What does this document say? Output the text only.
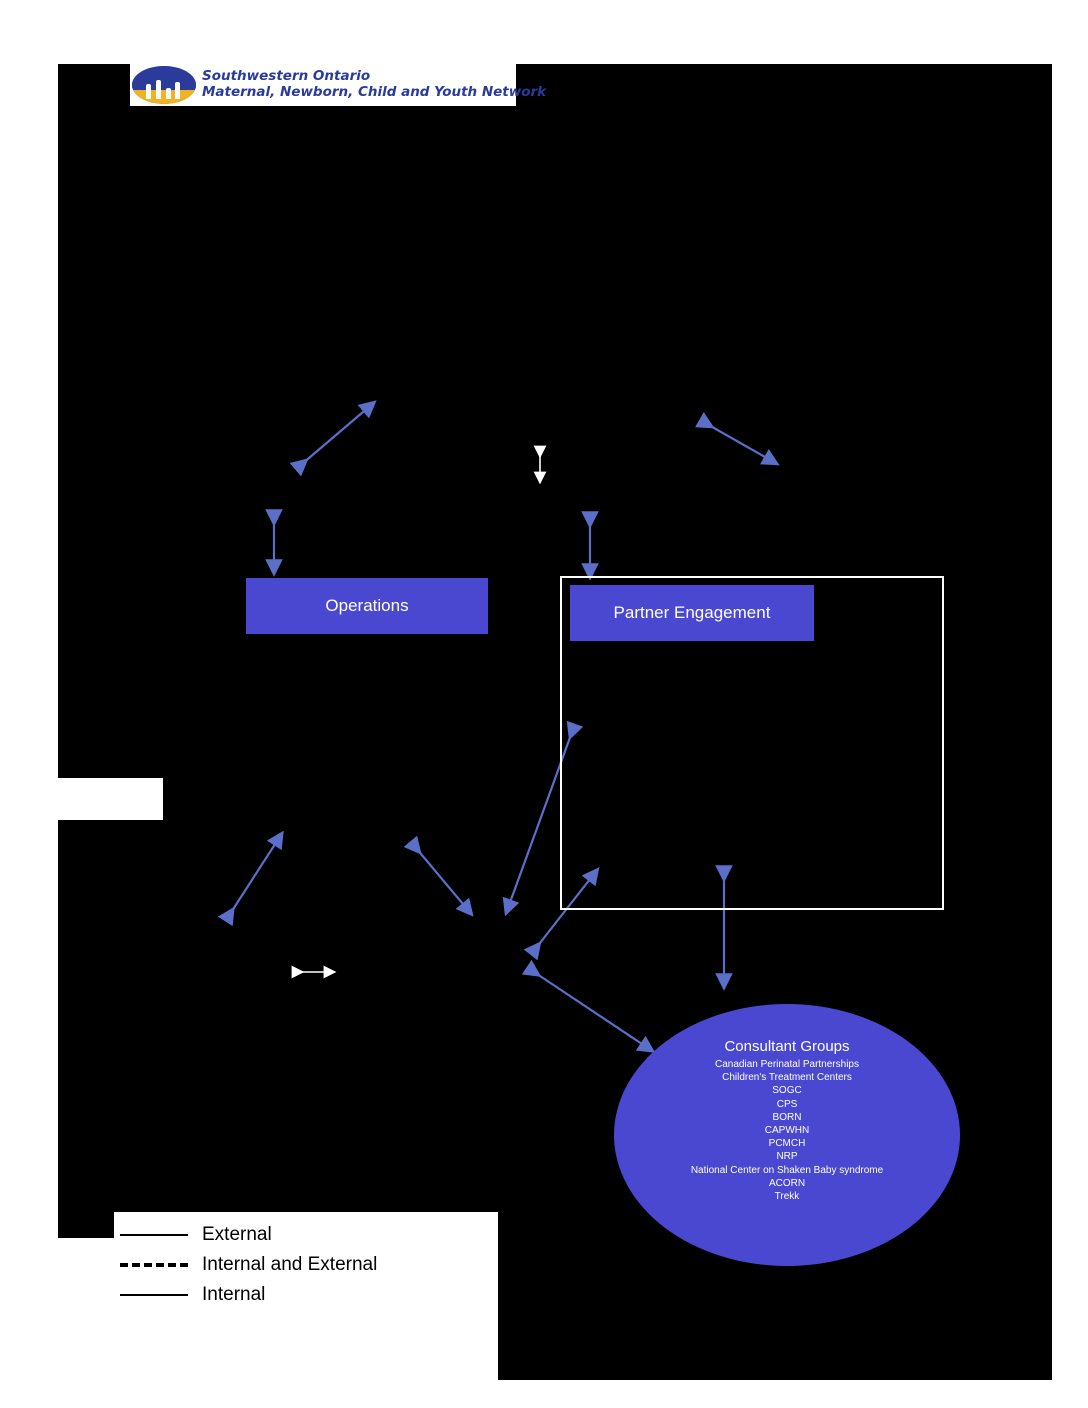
Southwestern Ontario
Maternal, Newborn, Child and Youth Network
Operations	Partner Engagement
Consultant Groups
Canadian Perinatal Partnerships
Children's Treatment Centers
SOGC
CPS
BORN
CAPWHN
PCMCH
NRP
National Center on Shaken Baby syndrome
ACORN
Trekk
External
Internal and External
Internal
